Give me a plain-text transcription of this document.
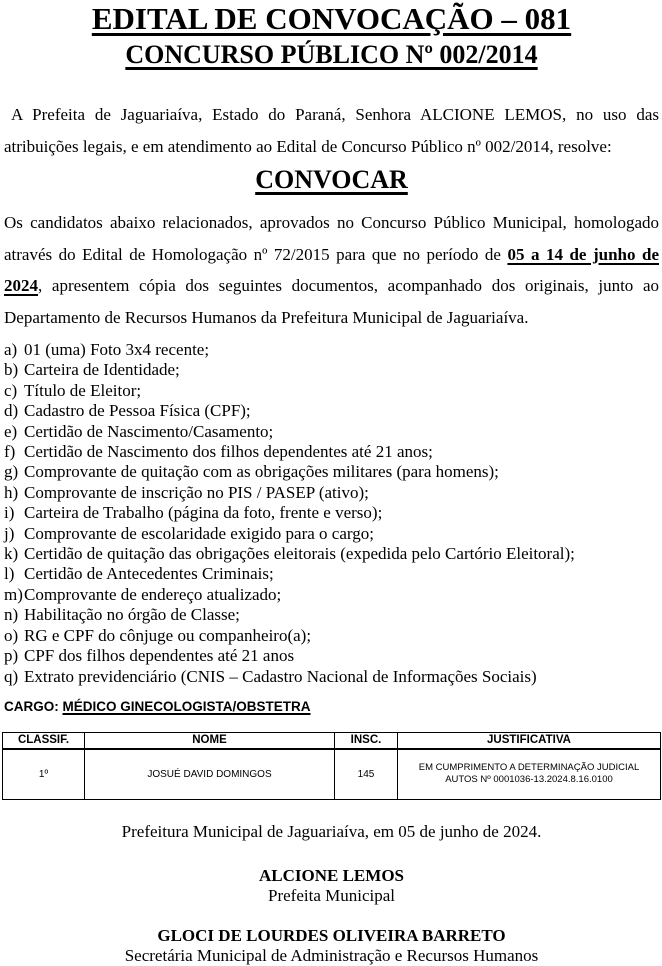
EDITAL DE CONVOCAÇÃO – 081
CONCURSO PÚBLICO Nº 002/2014

A Prefeita de Jaguariaíva, Estado do Paraná, Senhora ALCIONE LEMOS, no uso das atribuições legais, e em atendimento ao Edital de Concurso Público nº 002/2014, resolve:

CONVOCAR

Os candidatos abaixo relacionados, aprovados no Concurso Público Municipal, homologado através do Edital de Homologação nº 72/2015 para que no período de 05 a 14 de junho de 2024, apresentem cópia dos seguintes documentos, acompanhado dos originais, junto ao Departamento de Recursos Humanos da Prefeitura Municipal de Jaguariaíva.

a) 01 (uma) Foto 3x4 recente;
b) Carteira de Identidade;
c) Título de Eleitor;
d) Cadastro de Pessoa Física (CPF);
e) Certidão de Nascimento/Casamento;
f) Certidão de Nascimento dos filhos dependentes até 21 anos;
g) Comprovante de quitação com as obrigações militares (para homens);
h) Comprovante de inscrição no PIS / PASEP (ativo);
i) Carteira de Trabalho (página da foto, frente e verso);
j) Comprovante de escolaridade exigido para o cargo;
k) Certidão de quitação das obrigações eleitorais (expedida pelo Cartório Eleitoral);
l) Certidão de Antecedentes Criminais;
m) Comprovante de endereço atualizado;
n) Habilitação no órgão de Classe;
o) RG e CPF do cônjuge ou companheiro(a);
p) CPF dos filhos dependentes até 21 anos
q) Extrato previdenciário (CNIS – Cadastro Nacional de Informações Sociais)

CARGO: MÉDICO GINECOLOGISTA/OBSTETRA

CLASSIF.	NOME	INSC.	JUSTIFICATIVA
1º	JOSUÉ DAVID DOMINGOS	145	EM CUMPRIMENTO A DETERMINAÇÃO JUDICIAL
AUTOS Nº 0001036-13.2024.8.16.0100

Prefeitura Municipal de Jaguariaíva, em 05 de junho de 2024.

ALCIONE LEMOS
Prefeita Municipal
GLOCI DE LOURDES OLIVEIRA BARRETO
Secretária Municipal de Administração e Recursos Humanos
